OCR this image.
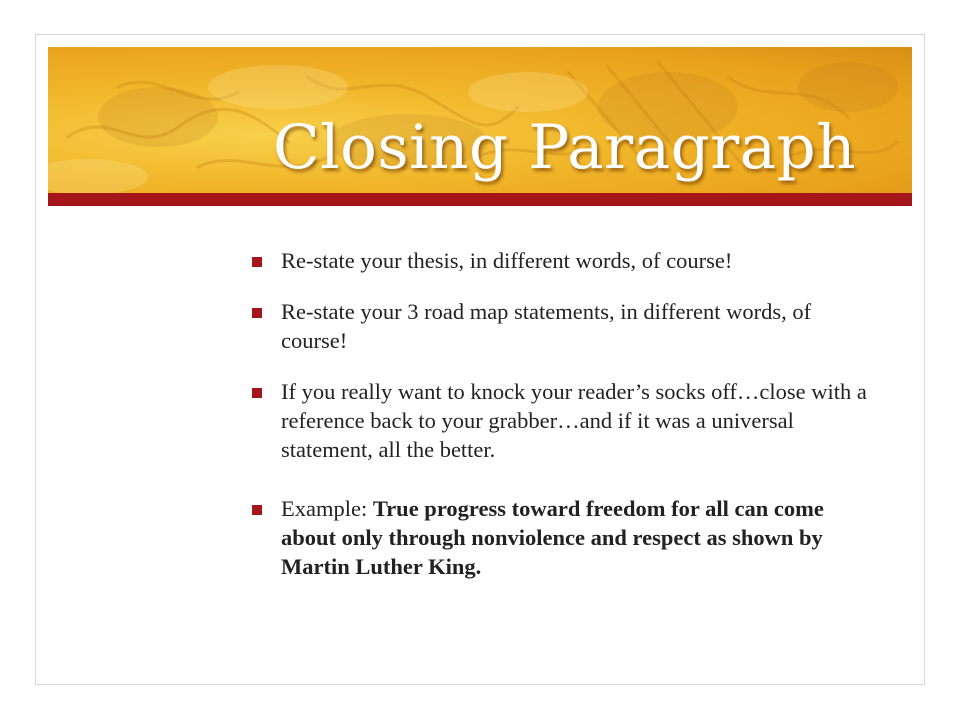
Closing Paragraph
Re-state your thesis, in different words, of course!
Re-state your 3 road map statements, in different words, of course!
If you really want to knock your reader’s socks off…close with a reference back to your grabber…and if it was a universal statement, all the better.
Example: True progress toward freedom for all can come about only through nonviolence and respect as shown by Martin Luther King.
